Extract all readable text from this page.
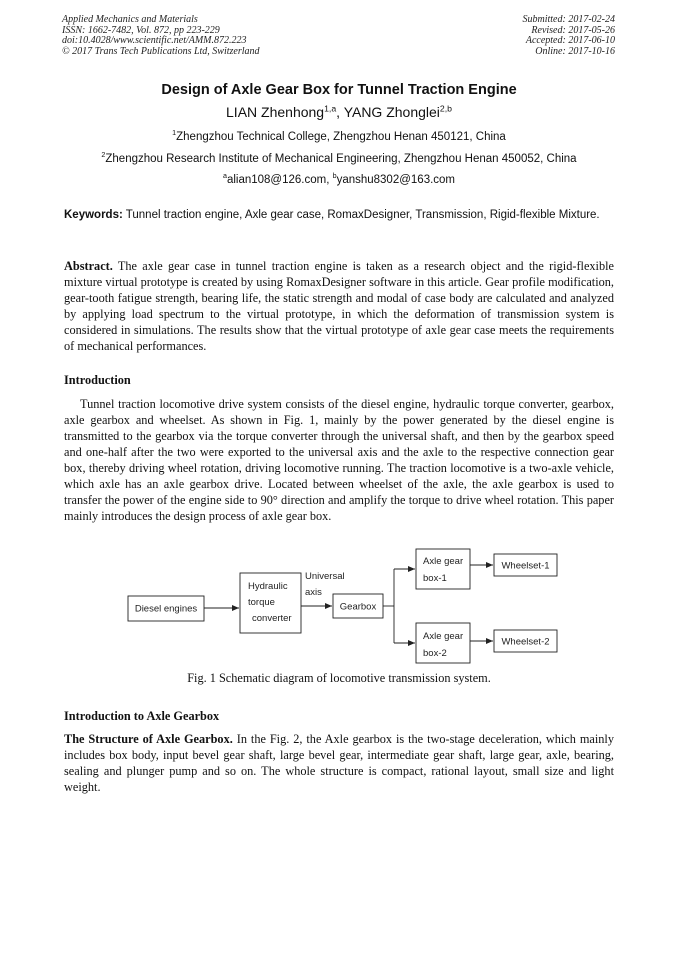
Applied Mechanics and Materials
ISSN: 1662-7482, Vol. 872, pp 223-229
doi:10.4028/www.scientific.net/AMM.872.223
© 2017 Trans Tech Publications Ltd, Switzerland
Submitted: 2017-02-24
Revised: 2017-05-26
Accepted: 2017-06-10
Online: 2017-10-16
Design of Axle Gear Box for Tunnel Traction Engine
LIAN Zhenhong$^{1,a}$, YANG Zhonglei$^{2,b}$
$^1$Zhengzhou Technical College, Zhengzhou Henan 450121, China
$^2$Zhengzhou Research Institute of Mechanical Engineering, Zhengzhou Henan 450052, China
$^a$alian108@126.com, $^b$yanshu8302@163.com
Keywords: Tunnel traction engine, Axle gear case, RomaxDesigner, Transmission, Rigid-flexible Mixture.

Abstract. The axle gear case in tunnel traction engine is taken as a research object and the rigid-flexible mixture virtual prototype is created by using RomaxDesigner software in this article. Gear profile modification, gear-tooth fatigue strength, bearing life, the static strength and modal of case body are calculated and analyzed by applying load spectrum to the virtual prototype, in which the deformation of transmission system is considered in simulations. The results show that the virtual prototype of axle gear case meets the requirements of mechanical performances.

Introduction

Tunnel traction locomotive drive system consists of the diesel engine, hydraulic torque converter, gearbox, axle gearbox and wheelset. As shown in Fig. 1, mainly by the power generated by the diesel engine is transmitted to the gearbox via the torque converter through the universal shaft, and then by the gearbox speed and one-half after the two were exported to the universal axis and the axle to the respective connection gear box, thereby driving wheel rotation, driving locomotive running. The traction locomotive is a two-axle vehicle, which axle has an axle gearbox drive. Located between wheelset of the axle, the axle gearbox is used to transfer the power of the engine side to 90° direction and amplify the torque to drive wheel rotation. This paper mainly introduces the design process of axle gear box.

Diesel engines
Hydraulic
torque
converter
Universal
axis
Gearbox
Axle gear
box-1
Axle gear
box-2
Wheelset-1
Wheelset-2
Fig. 1 Schematic diagram of locomotive transmission system.
Introduction to Axle Gearbox

The Structure of Axle Gearbox. In the Fig. 2, the Axle gearbox is the two-stage deceleration, which mainly includes box body, input bevel gear shaft, large bevel gear, intermediate gear shaft, large gear, axle, bearing, sealing and plunger pump and so on. The whole structure is compact, rational layout, small size and light weight.
